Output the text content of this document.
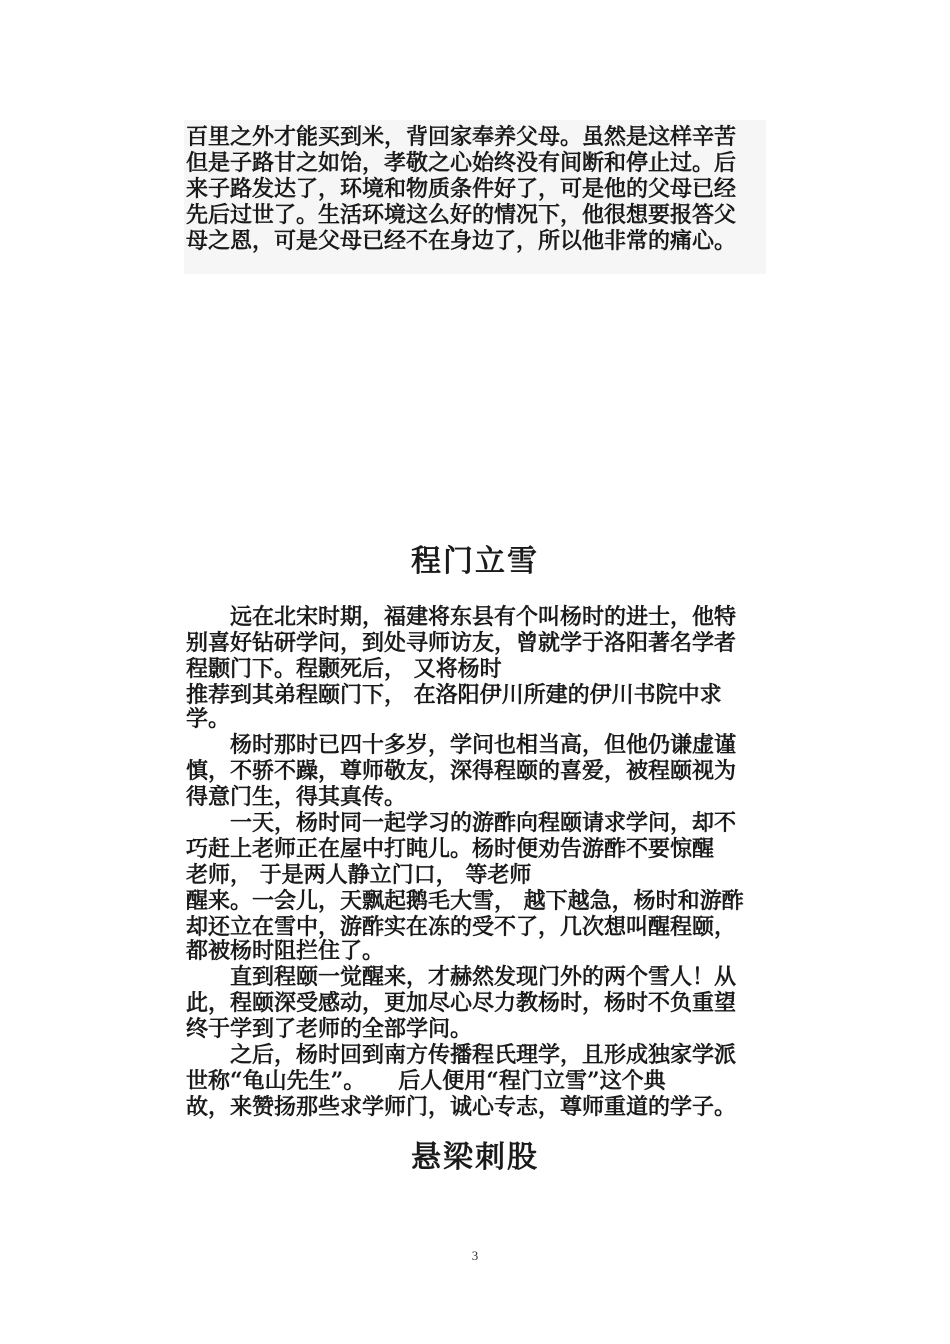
百里之外才能买到米，背回家奉养父母。虽然是这样辛苦
但是子路甘之如饴，孝敬之心始终没有间断和停止过。后
来子路发达了，环境和物质条件好了，可是他的父母已经
先后过世了。生活环境这么好的情况下，他很想要报答父
母之恩，可是父母已经不在身边了，所以他非常的痛心。
程门立雪
　　远在北宋时期，福建将东县有个叫杨时的进士，他特
别喜好钻研学问，到处寻师访友，曾就学于洛阳著名学者
程颢门下。程颢死后， 又将杨时
推荐到其弟程颐门下， 在洛阳伊川所建的伊川书院中求
学。
　　杨时那时已四十多岁，学问也相当高，但他仍谦虚谨
慎，不骄不躁，尊师敬友，深得程颐的喜爱，被程颐视为
得意门生，得其真传。
　　一天，杨时同一起学习的游酢向程颐请求学问，却不
巧赶上老师正在屋中打盹儿。杨时便劝告游酢不要惊醒
老师， 于是两人静立门口， 等老师
醒来。一会儿，天飘起鹅毛大雪， 越下越急，杨时和游酢
却还立在雪中，游酢实在冻的受不了，几次想叫醒程颐，
都被杨时阻拦住了。
　　直到程颐一觉醒来，才赫然发现门外的两个雪人！从
此，程颐深受感动，更加尽心尽力教杨时，杨时不负重望
终于学到了老师的全部学问。
　　之后，杨时回到南方传播程氏理学，且形成独家学派
世称“龟山先生”。　　后人便用“程门立雪”这个典
故，来赞扬那些求学师门，诚心专志，尊师重道的学子。
悬梁刺股
3
